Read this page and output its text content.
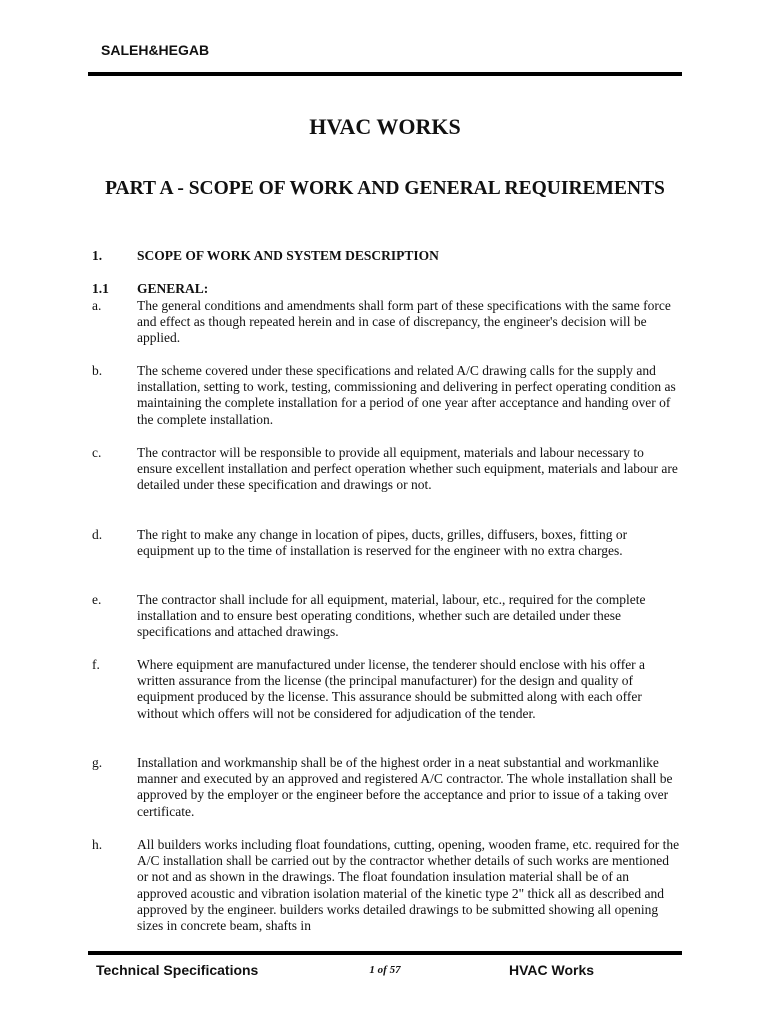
SALEH&HEGAB
HVAC WORKS
PART A - SCOPE OF WORK AND GENERAL REQUIREMENTS
1.	SCOPE OF WORK AND SYSTEM DESCRIPTION
1.1 GENERAL:
a.	The general conditions and amendments shall form part of these specifications with the same force and effect as though repeated herein and in case of discrepancy, the engineer's decision will be applied.
b.	The scheme covered under these specifications and related A/C drawing calls for the supply and installation, setting to work, testing, commissioning and delivering in perfect operating condition as maintaining the complete installation for a period of one year after acceptance and handing over of the complete installation.
c.	The contractor will be responsible to provide all equipment, materials and labour necessary to ensure excellent installation and perfect operation whether such equipment, materials and labour are detailed under these specification and drawings or not.
d.	The right to make any change in location of pipes, ducts, grilles, diffusers, boxes, fitting or equipment up to the time of installation is reserved for the engineer with no extra charges.
e.	The contractor shall include for all equipment, material, labour, etc., required for the complete installation and to ensure best operating conditions, whether such are detailed under these specifications and attached drawings.
f.	Where equipment are manufactured under license, the tenderer should enclose with his offer a written assurance from the license (the principal manufacturer) for the design and quality of equipment produced by the license. This assurance should be submitted along with each offer without which offers will not be considered for adjudication of the tender.
g.	Installation and workmanship shall be of the highest order in a neat substantial and workmanlike manner and executed by an approved and registered A/C contractor. The whole installation shall be approved by the employer or the engineer before the acceptance and prior to issue of a taking over certificate.
h.	All builders works including float foundations, cutting, opening, wooden frame, etc. required for the A/C installation shall be carried out by the contractor whether details of such works are mentioned or not and as shown in the drawings. The float foundation insulation material shall be of an approved acoustic and vibration isolation material of the kinetic type 2" thick all as described and approved by the engineer. builders works detailed drawings to be submitted showing all opening sizes in concrete beam, shafts in
Technical Specifications	1 of 57	HVAC Works
